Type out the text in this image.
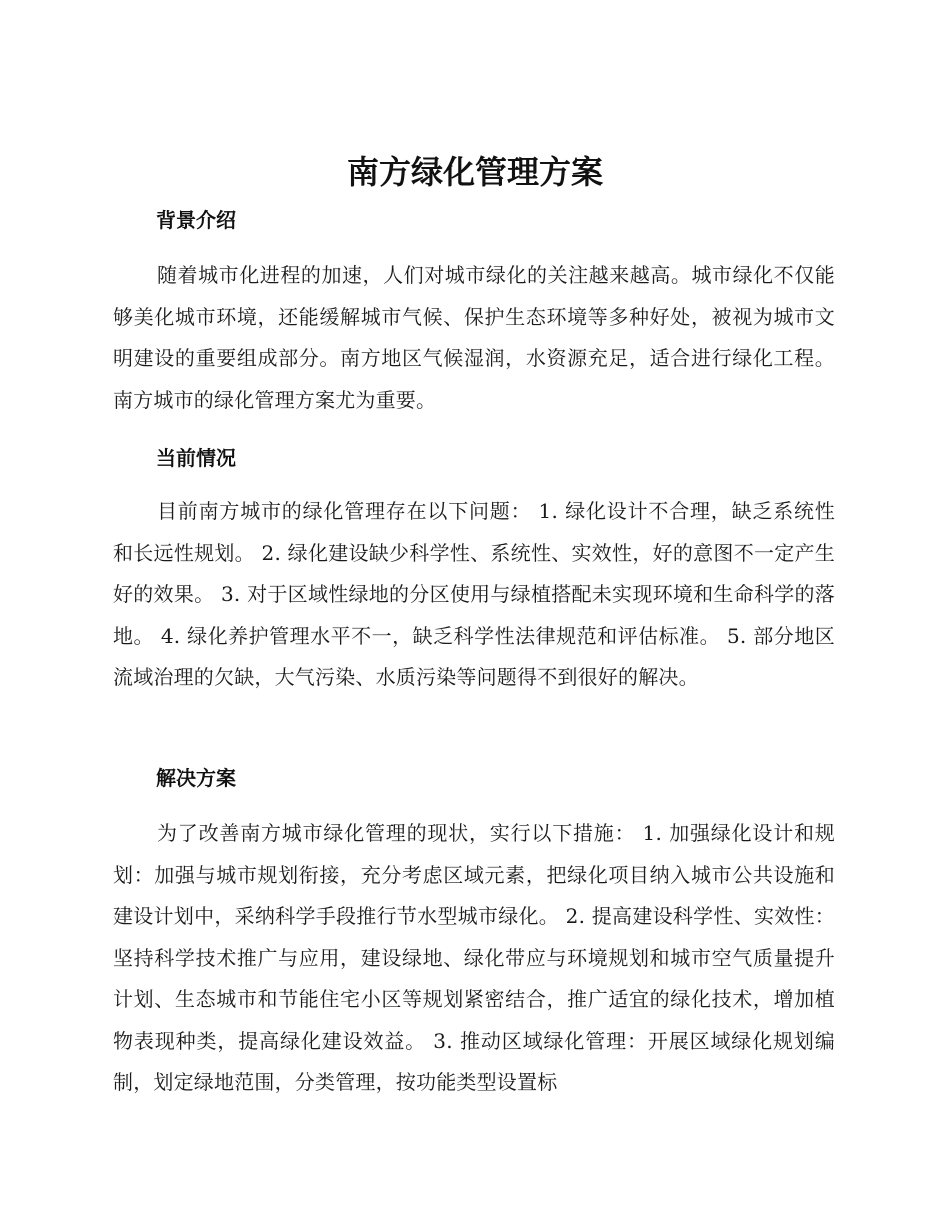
南方绿化管理方案
背景介绍

随着城市化进程的加速，人们对城市绿化的关注越来越高。城市绿化不仅能够美化城市环境，还能缓解城市气候、保护生态环境等多种好处，被视为城市文明建设的重要组成部分。南方地区气候湿润，水资源充足，适合进行绿化工程。南方城市的绿化管理方案尤为重要。

当前情况

目前南方城市的绿化管理存在以下问题： 1. 绿化设计不合理，缺乏系统性和长远性规划。 2. 绿化建设缺少科学性、系统性、实效性，好的意图不一定产生好的效果。 3. 对于区域性绿地的分区使用与绿植搭配未实现环境和生命科学的落地。 4. 绿化养护管理水平不一，缺乏科学性法律规范和评估标准。 5. 部分地区流域治理的欠缺，大气污染、水质污染等问题得不到很好的解决。

解决方案

为了改善南方城市绿化管理的现状，实行以下措施： 1. 加强绿化设计和规划：加强与城市规划衔接，充分考虑区域元素，把绿化项目纳入城市公共设施和建设计划中，采纳科学手段推行节水型城市绿化。 2. 提高建设科学性、实效性：坚持科学技术推广与应用，建设绿地、绿化带应与环境规划和城市空气质量提升计划、生态城市和节能住宅小区等规划紧密结合，推广适宜的绿化技术，增加植物表现种类，提高绿化建设效益。 3. 推动区域绿化管理：开展区域绿化规划编制，划定绿地范围，分类管理，按功能类型设置标
